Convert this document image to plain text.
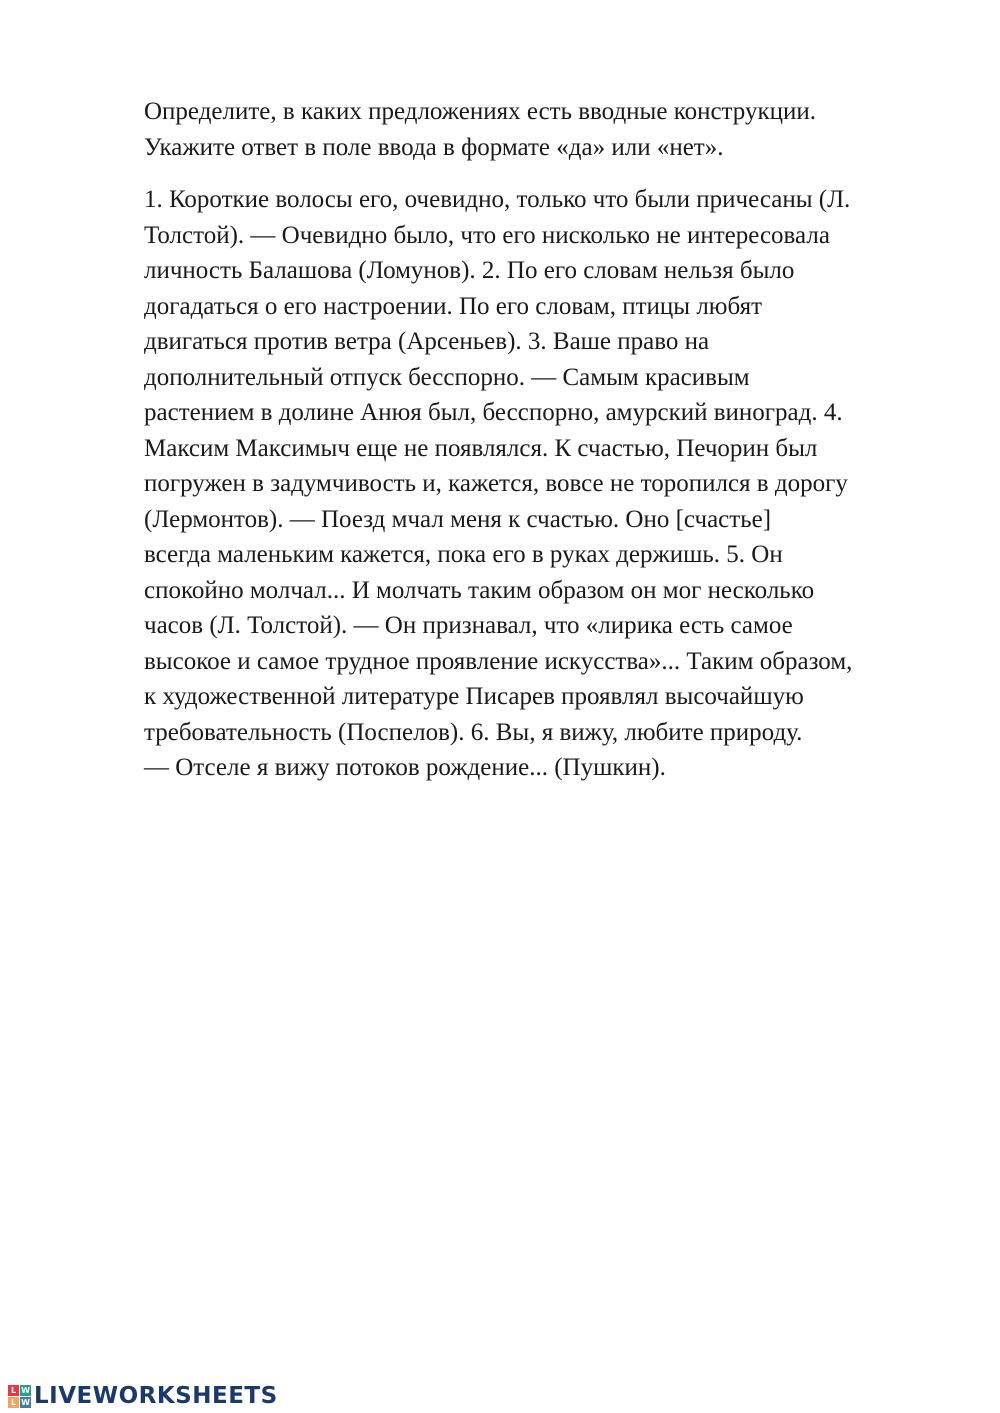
Определите, в каких предложениях есть вводные конструкции.
Укажите ответ в поле ввода в формате «да» или «нет».
1. Короткие волосы его, очевидно, только что были причесаны (Л.
Толстой). — Очевидно было, что его нисколько не интересовала
личность Балашова (Ломунов). 2. По его словам нельзя было
догадаться о его настроении. По его словам, птицы любят
двигаться против ветра (Арсеньев). 3. Ваше право на
дополнительный отпуск бесспорно. — Самым красивым
растением в долине Анюя был, бесспорно, амурский виноград. 4.
Максим Максимыч еще не появлялся. К счастью, Печорин был
погружен в задумчивость и, кажется, вовсе не торопился в дорогу
(Лермонтов). — Поезд мчал меня к счастью. Оно [счастье]
всегда маленьким кажется, пока его в руках держишь. 5. Он
спокойно молчал... И молчать таким образом он мог несколько
часов (Л. Толстой). — Он признавал, что «лирика есть самое
высокое и самое трудное проявление искусства»... Таким образом,
к художественной литературе Писарев проявлял высочайшую
требовательность (Поспелов). 6. Вы, я вижу, любите природу.
— Отселе я вижу потоков рождение... (Пушкин).
L W
L W LIVEWORKSHEETS
